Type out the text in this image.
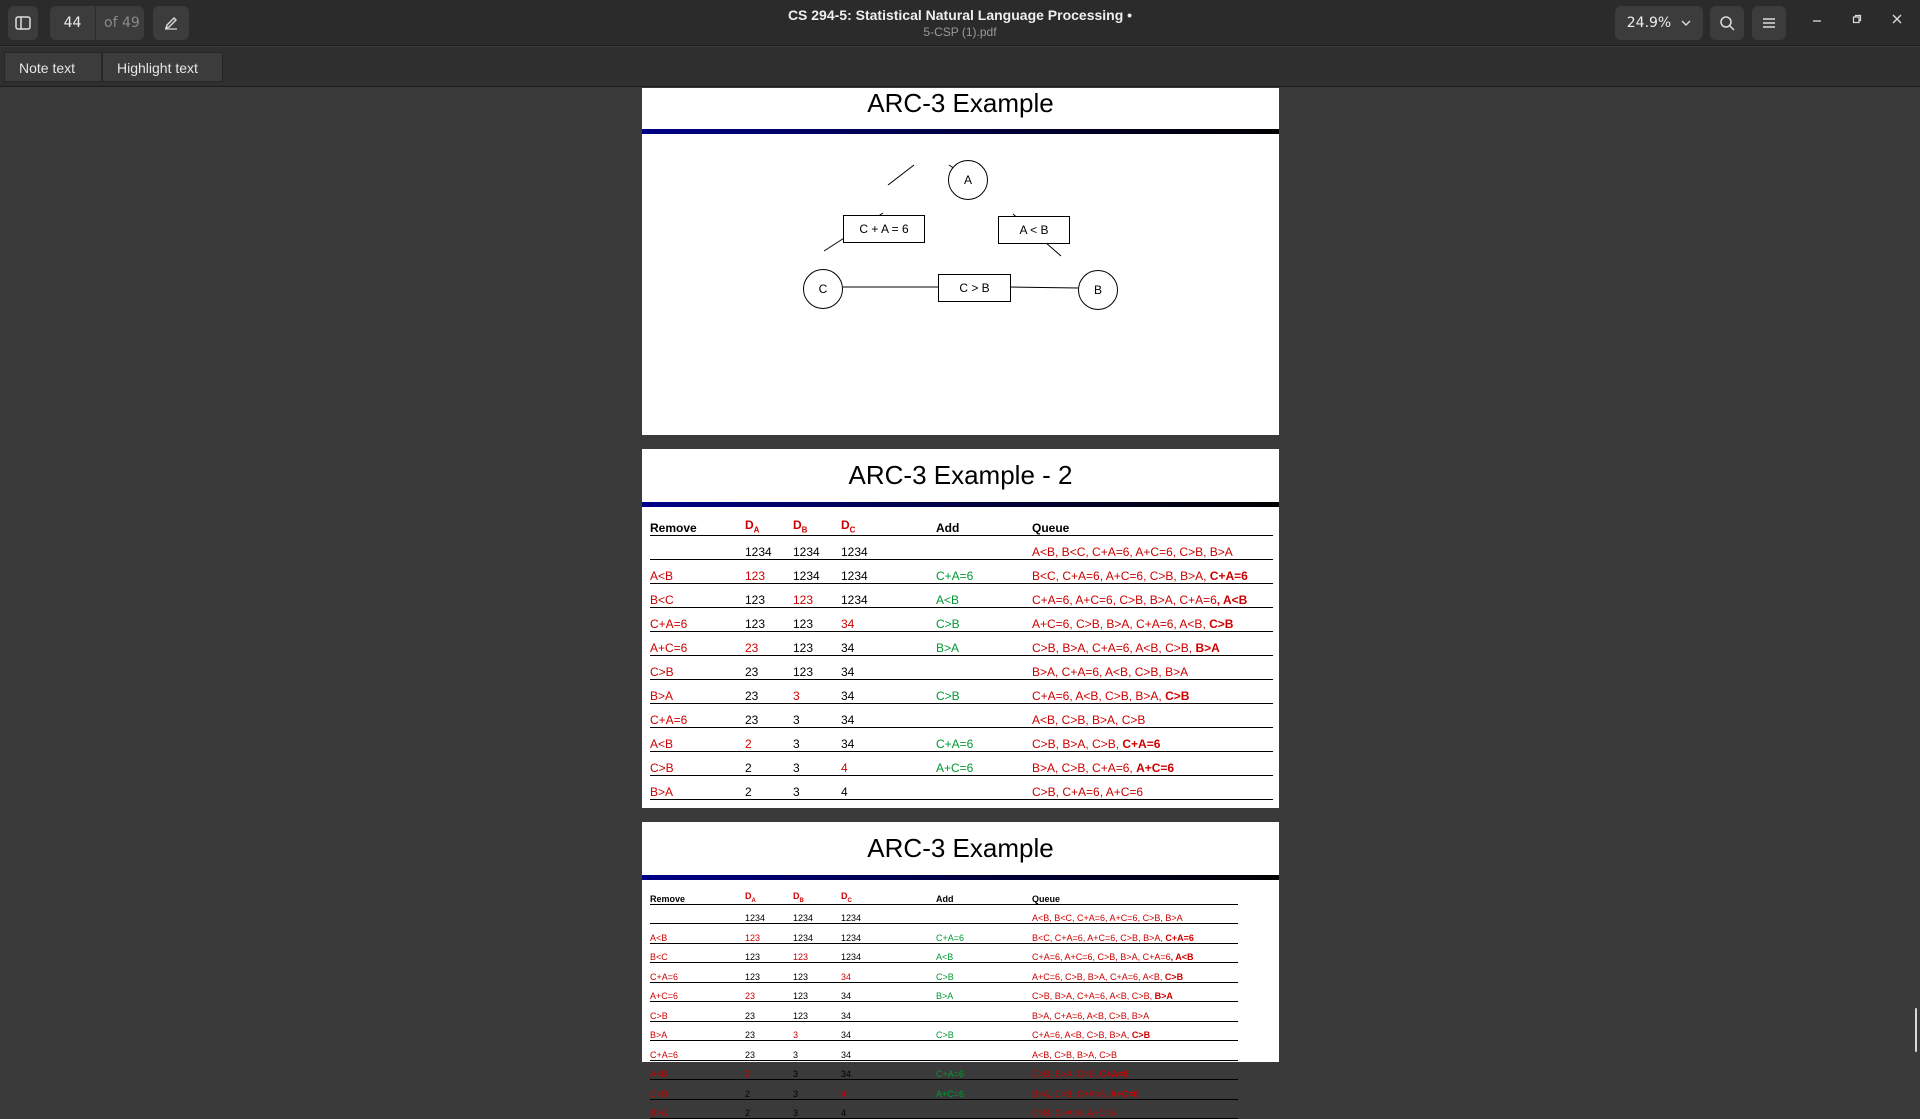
44	of 49	CS 294-5: Statistical Natural Language Processing •
5-CSP (1).pdf
24.9%
Note text	Highlight text
ARC-3 Example
A
C + A = 6	A < B
C	C > B	B
ARC-3 Example - 2
Remove	$D_A$	$D_B$	$D_C$	Add	Queue
	1234	1234	1234		A<B, B<C, C+A=6, A+C=6, C>B, B>A
A<B	123	1234	1234	C+A=6	B<C, C+A=6, A+C=6, C>B, B>A, C+A=6
B<C	123	123	1234	A<B	C+A=6, A+C=6, C>B, B>A, C+A=6, A<B
C+A=6	123	123	34	C>B	A+C=6, C>B, B>A, C+A=6, A<B, C>B
A+C=6	23	123	34	B>A	C>B, B>A, C+A=6, A<B, C>B, B>A
C>B	23	123	34		B>A, C+A=6, A<B, C>B, B>A
B>A	23	3	34	C>B	C+A=6, A<B, C>B, B>A, C>B
C+A=6	23	3	34		A<B, C>B, B>A, C>B
A<B	2	3	34	C+A=6	C>B, B>A, C>B, C+A=6
C>B	2	3	4	A+C=6	B>A, C>B, C+A=6, A+C=6
B>A	2	3	4		C>B, C+A=6, A+C=6
ARC-3 Example
Remove	$D_A$	$D_B$	$D_C$	Add	Queue
	1234	1234	1234		A<B, B<C, C+A=6, A+C=6, C>B, B>A
A<B	123	1234	1234	C+A=6	B<C, C+A=6, A+C=6, C>B, B>A, C+A=6
B<C	123	123	1234	A<B	C+A=6, A+C=6, C>B, B>A, C+A=6, A<B
C+A=6	123	123	34	C>B	A+C=6, C>B, B>A, C+A=6, A<B, C>B
A+C=6	23	123	34	B>A	C>B, B>A, C+A=6, A<B, C>B, B>A
C>B	23	123	34		B>A, C+A=6, A<B, C>B, B>A
B>A	23	3	34	C>B	C+A=6, A<B, C>B, B>A, C>B
C+A=6	23	3	34		A<B, C>B, B>A, C>B
A<B	2	3	34	C+A=6	C>B, B>A, C>B, C+A=6
C>B	2	3	4	A+C=6	B>A, C>B, C+A=6, A+C=6
B>A	2	3	4		C>B, C+A=6, A+C=6
